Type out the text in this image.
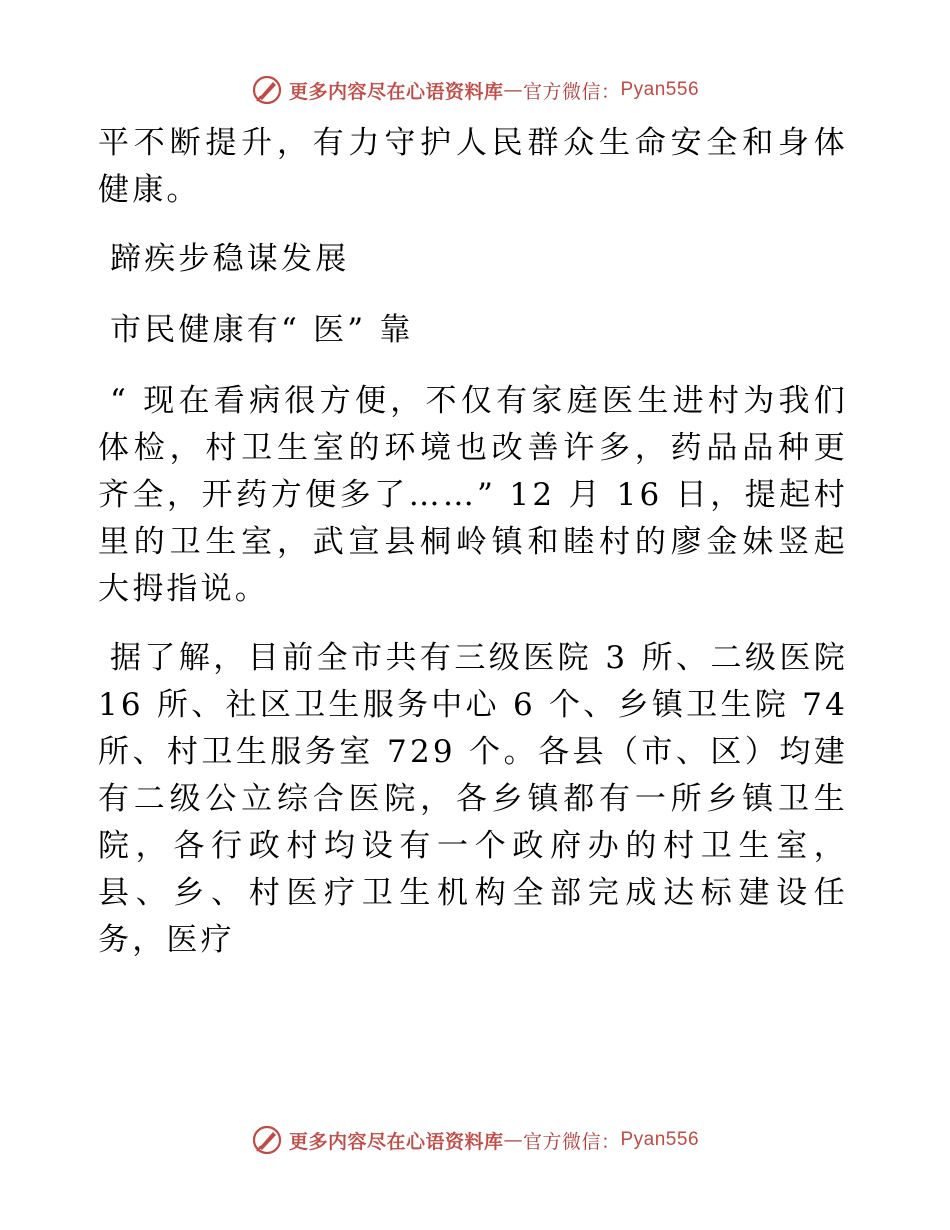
更多内容尽在心语资料库 — 官方微信： Pyan556

平不断提升，有力守护人民群众生命安全和身体健康。

蹄疾步稳谋发展

市民健康有“ 医” 靠

“ 现在看病很方便，不仅有家庭医生进村为我们体检，村卫生室的环境也改善许多，药品品种更齐全，开药方便多了……” 12 月 16 日，提起村里的卫生室，武宣县桐岭镇和睦村的廖金妹竖起大拇指说。

据了解，目前全市共有三级医院 3 所、二级医院 16 所、社区卫生服务中心 6 个、乡镇卫生院 74 所、村卫生服务室 729 个。各县（市、区）均建有二级公立综合医院，各乡镇都有一所乡镇卫生院，各行政村均设有一个政府办的村卫生室，县、乡、村医疗卫生机构全部完成达标建设任务，医疗

更多内容尽在心语资料库 — 官方微信： Pyan556
